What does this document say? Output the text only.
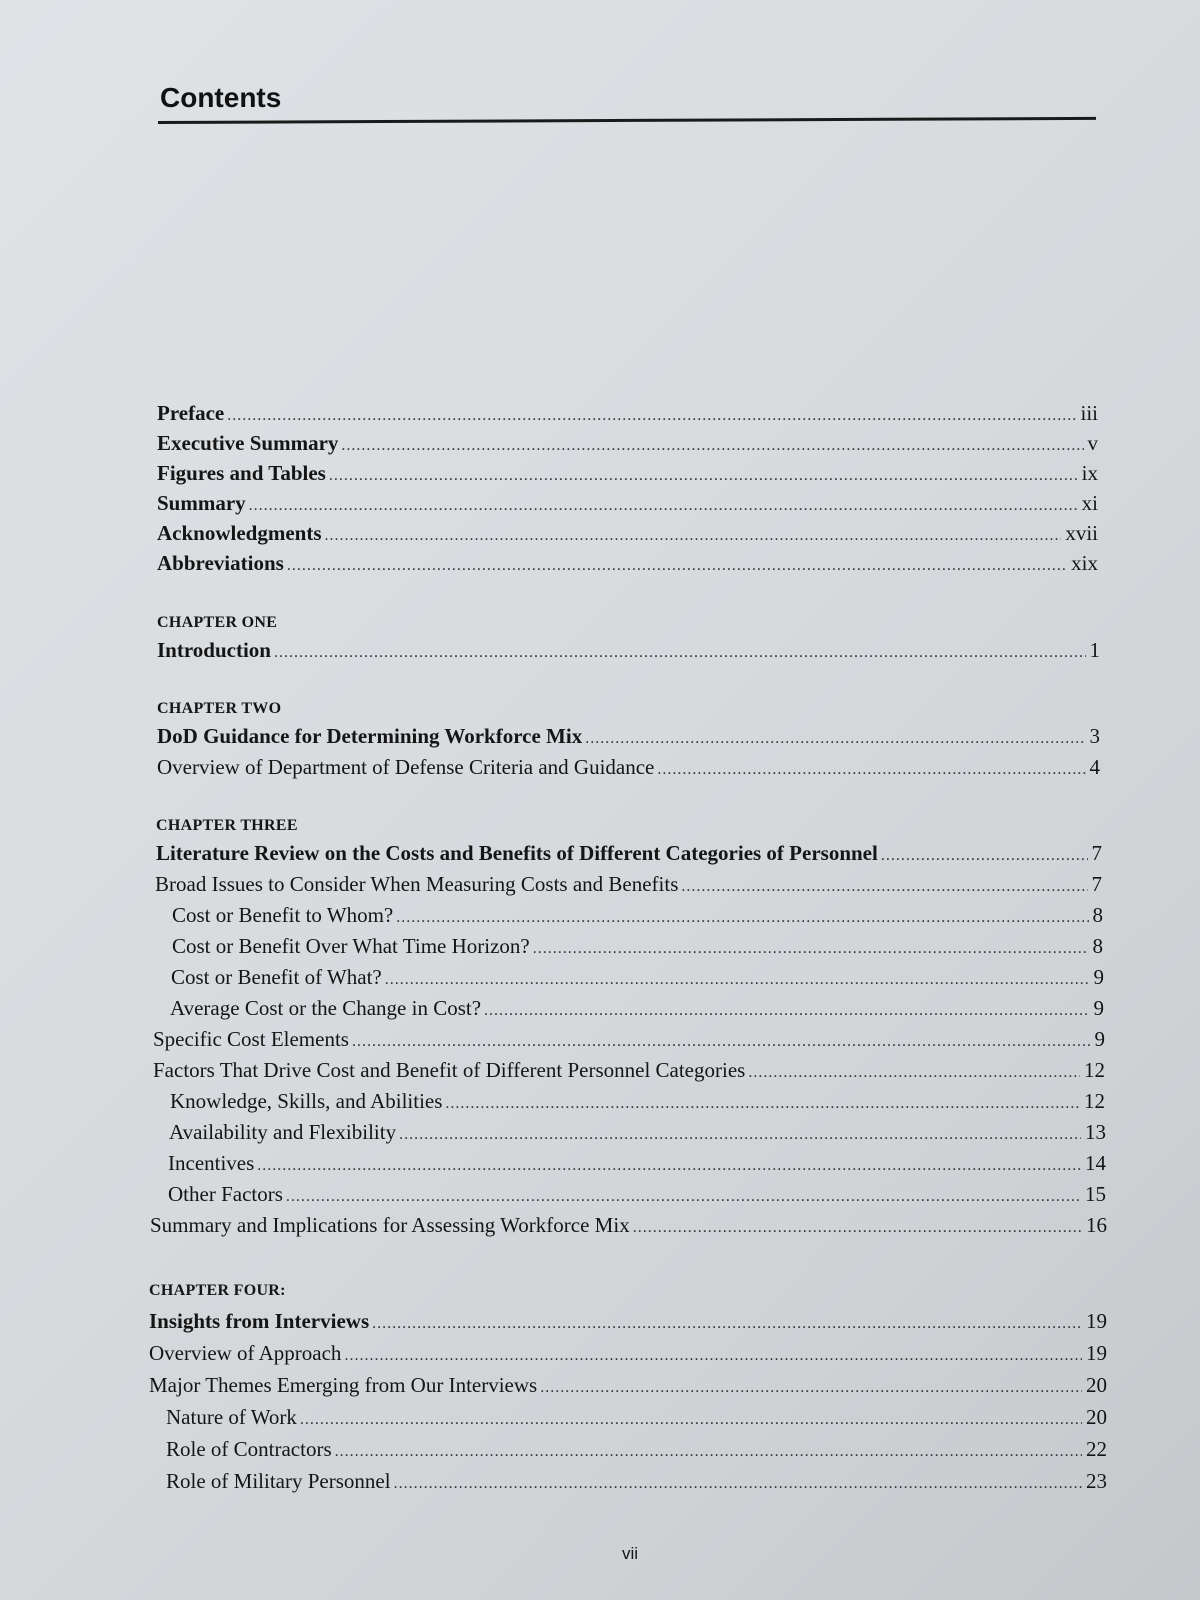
Contents
Preface .....	iii
Executive Summary .....	v
Figures and Tables .....	ix
Summary .....	xi
Acknowledgments .....	xvii
Abbreviations .....	xix
CHAPTER ONE
Introduction .....	1
CHAPTER TWO
DoD Guidance for Determining Workforce Mix .....	3
Overview of Department of Defense Criteria and Guidance .....	4
CHAPTER THREE
Literature Review on the Costs and Benefits of Different Categories of Personnel .....	7
Broad Issues to Consider When Measuring Costs and Benefits .....	7
Cost or Benefit to Whom? .....	8
Cost or Benefit Over What Time Horizon? .....	8
Cost or Benefit of What? .....	9
Average Cost or the Change in Cost? .....	9
Specific Cost Elements .....	9
Factors That Drive Cost and Benefit of Different Personnel Categories .....	12
Knowledge, Skills, and Abilities .....	12
Availability and Flexibility .....	13
Incentives .....	14
Other Factors .....	15
Summary and Implications for Assessing Workforce Mix .....	16
CHAPTER FOUR:
Insights from Interviews .....	19
Overview of Approach .....	19
Major Themes Emerging from Our Interviews .....	20
Nature of Work .....	20
Role of Contractors .....	22
Role of Military Personnel .....	23
vii
